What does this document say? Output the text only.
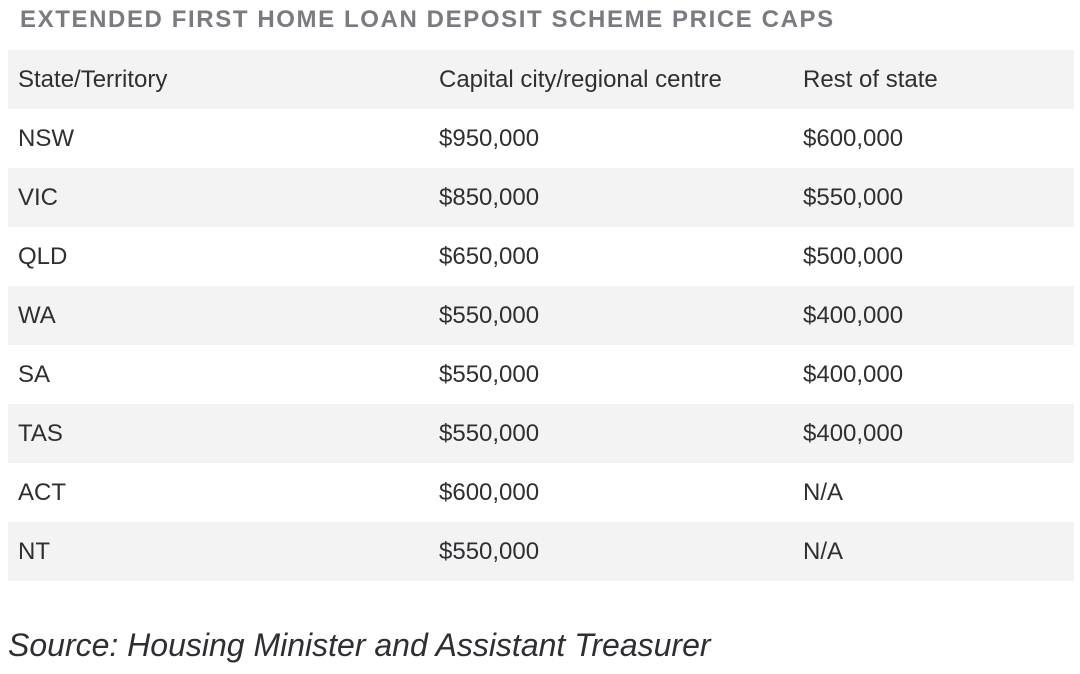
EXTENDED FIRST HOME LOAN DEPOSIT SCHEME PRICE CAPS
State/Territory	Capital city/regional centre	Rest of state
NSW	$950,000	$600,000
VIC	$850,000	$550,000
QLD	$650,000	$500,000
WA	$550,000	$400,000
SA	$550,000	$400,000
TAS	$550,000	$400,000
ACT	$600,000	N/A
NT	$550,000	N/A
Source: Housing Minister and Assistant Treasurer
